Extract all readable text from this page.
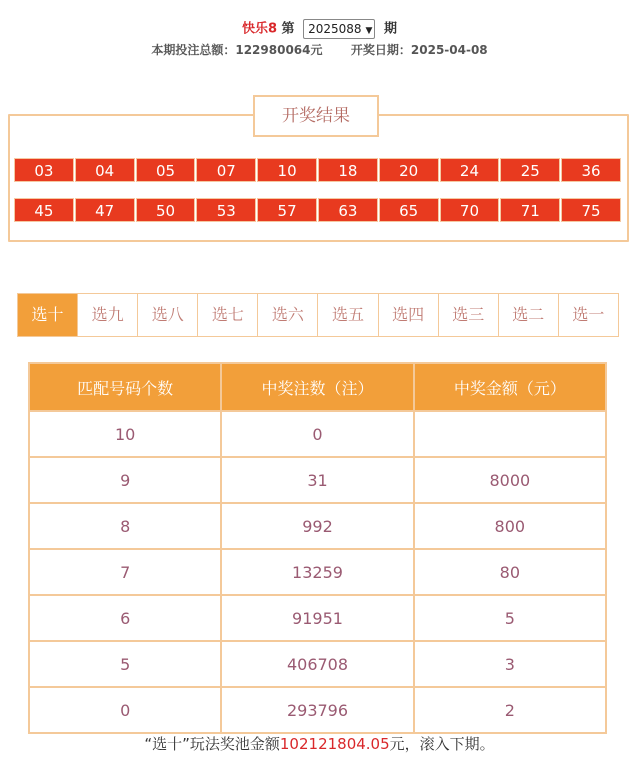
快乐8 第 2025088 ▼ 期
本期投注总额：122980064元 开奖日期：2025-04-08
开奖结果
03	04	05	07	10	18	20	24	25	36
45	47	50	53	57	63	65	70	71	75
选十	选九	选八	选七	选六	选五	选四	选三	选二	选一
匹配号码个数	中奖注数（注）	中奖金额（元）
10	0	
9	31	8000
8	992	800
7	13259	80
6	91951	5
5	406708	3
0	293796	2
“选十”玩法奖池金额102121804.05元，滚入下期。
